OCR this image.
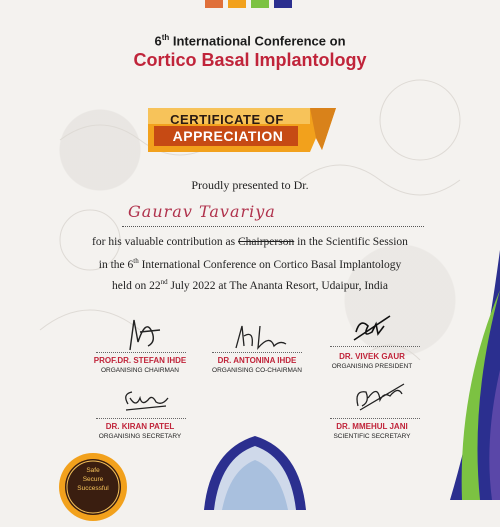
6th International Conference on
Cortico Basal Implantology
CERTIFICATE OF
APPRECIATION
Proudly presented to Dr.
Gaurav Tavariya
for his valuable contribution as Chairperson in the Scientific Session
in the 6th International Conference on Cortico Basal Implantology
held on 22nd July 2022 at The Ananta Resort, Udaipur, India
PROF.DR. STEFAN IHDE
ORGANISING CHAIRMAN
DR. ANTONINA IHDE
ORGANISING CO-CHAIRMAN
DR. VIVEK GAUR
ORGANISING PRESIDENT
DR. KIRAN PATEL
ORGANISING SECRETARY
DR. MMEHUL JANI
SCIENTIFIC SECRETARY
Safe
Secure
Successful
